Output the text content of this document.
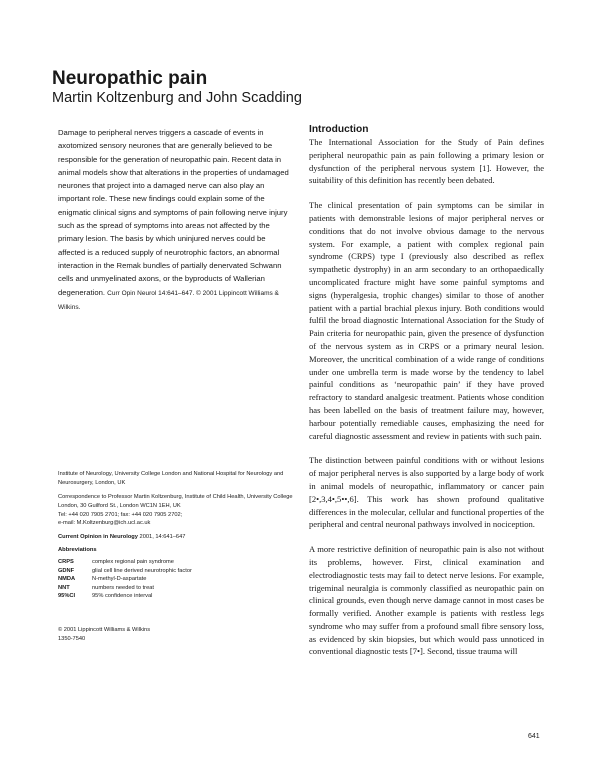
Neuropathic pain
Martin Koltzenburg and John Scadding

Damage to peripheral nerves triggers a cascade of events in axotomized sensory neurones that are generally believed to be responsible for the generation of neuropathic pain. Recent data in animal models show that alterations in the properties of undamaged neurones that project into a damaged nerve can also play an important role. These new findings could explain some of the enigmatic clinical signs and symptoms of pain following nerve injury such as the spread of symptoms into areas not affected by the primary lesion. The basis by which uninjured nerves could be affected is a reduced supply of neurotrophic factors, an abnormal interaction in the Remak bundles of partially denervated Schwann cells and unmyelinated axons, or the byproducts of Wallerian degeneration. Curr Opin Neurol 14:641–647. © 2001 Lippincott Williams & Wilkins.

Institute of Neurology, University College London and National Hospital for Neurology and Neurosurgery, London, UK

Correspondence to Professor Martin Koltzenburg, Institute of Child Health, University College London, 30 Guilford St., London WC1N 1EH, UK
Tel: +44 020 7905 2701; fax: +44 020 7905 2702;
e-mail: M.Koltzenburg@ich.ucl.ac.uk
Current Opinion in Neurology 2001, 14:641–647
Abbreviations
CRPS	complex regional pain syndrome
GDNF	glial cell line derived neurotrophic factor
NMDA	N-methyl-D-aspartate
NNT	numbers needed to treat
95%CI	95% confidence interval
© 2001 Lippincott Williams & Wilkins
1350-7540
Introduction

The International Association for the Study of Pain defines peripheral neuropathic pain as pain following a primary lesion or dysfunction of the peripheral nervous system [1]. However, the suitability of this definition has recently been debated.

The clinical presentation of pain symptoms can be similar in patients with demonstrable lesions of major peripheral nerves or conditions that do not involve obvious damage to the nervous system. For example, a patient with complex regional pain syndrome (CRPS) type I (previously also described as reflex sympathetic dystrophy) in an arm secondary to an orthopaedically uncomplicated fracture might have some painful symptoms and signs (hyperalgesia, trophic changes) similar to those of another patient with a partial brachial plexus injury. Both conditions would fulfil the broad diagnostic International Association for the Study of Pain criteria for neuropathic pain, given the presence of dysfunction of the nervous system as in CRPS or a primary neural lesion. Moreover, the uncritical combination of a wide range of conditions under one umbrella term is made worse by the tendency to label painful conditions as ‘neuropathic pain’ if they have proved refractory to standard analgesic treatment. Patients whose condition has been labelled on the basis of treatment failure may, however, harbour potentially remediable causes, emphasizing the need for careful diagnostic assessment and review in patients with such pain.

The distinction between painful conditions with or without lesions of major peripheral nerves is also supported by a large body of work in animal models of neuropathic, inflammatory or cancer pain [2•,3,4•,5••,6]. This work has shown profound qualitative differences in the molecular, cellular and functional properties of the peripheral and central neuronal pathways involved in nociception.

A more restrictive definition of neuropathic pain is also not without its problems, however. First, clinical examination and electrodiagnostic tests may fail to detect nerve lesions. For example, trigeminal neuralgia is commonly classified as neuropathic pain on clinical grounds, even though nerve damage cannot in most cases be formally verified. Another example is patients with restless legs syndrome who may suffer from a profound small fibre sensory loss, as evidenced by skin biopsies, but which would pass unnoticed in conventional diagnostic tests [7•]. Second, tissue trauma will

641
